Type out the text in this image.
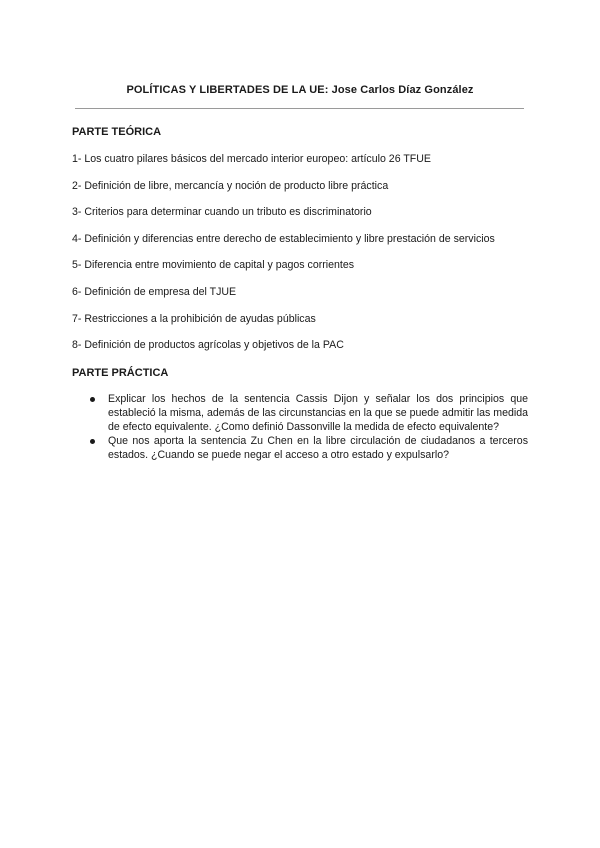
POLÍTICAS Y LIBERTADES DE LA UE: Jose Carlos Díaz González
PARTE TEÓRICA
1- Los cuatro pilares básicos del mercado interior europeo: artículo 26 TFUE
2- Definición de libre, mercancía y noción de producto libre práctica
3- Criterios para determinar cuando un tributo es discriminatorio
4- Definición y diferencias entre derecho de establecimiento y libre prestación de servicios
5- Diferencia entre movimiento de capital y pagos corrientes
6- Definición de empresa del TJUE
7- Restricciones a la prohibición de ayudas públicas
8- Definición de productos agrícolas y objetivos de la PAC
PARTE PRÁCTICA
Explicar los hechos de la sentencia Cassis Dijon y señalar los dos principios que estableció la misma, además de las circunstancias en la que se puede admitir las medida de efecto equivalente. ¿Como definió Dassonville la medida de efecto equivalente?
Que nos aporta la sentencia Zu Chen en la libre circulación de ciudadanos a terceros estados. ¿Cuando se puede negar el acceso a otro estado y expulsarlo?
